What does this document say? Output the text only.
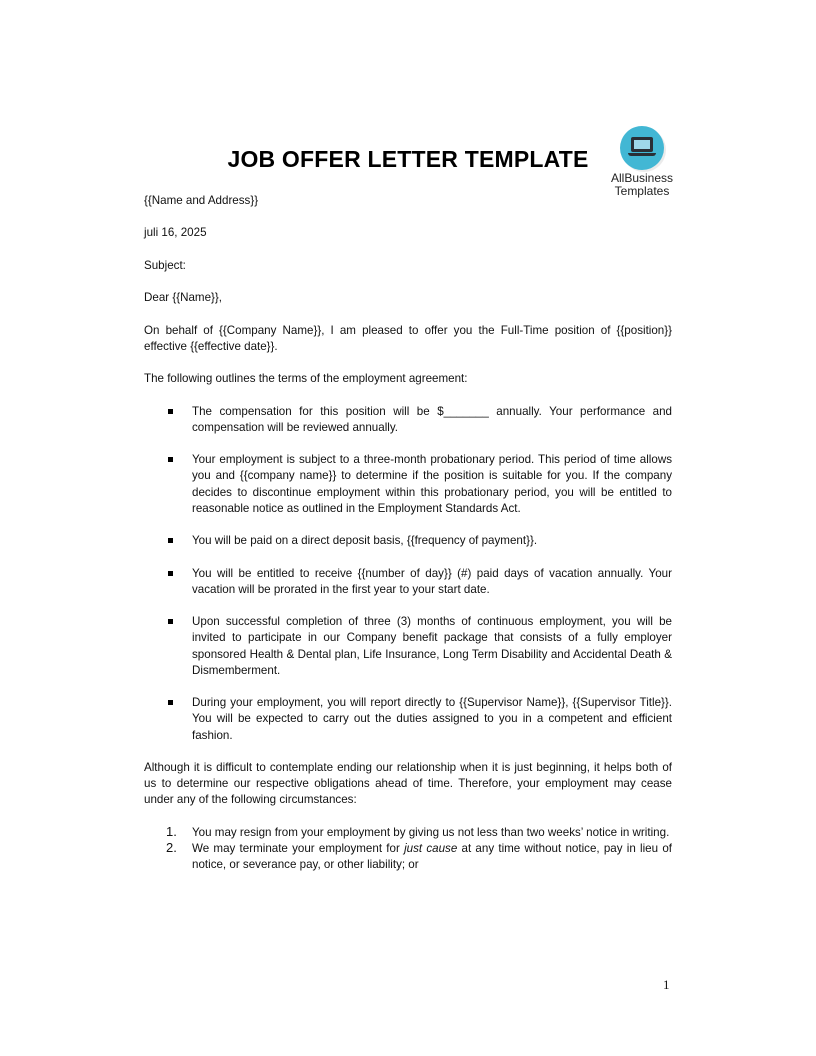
JOB OFFER LETTER TEMPLATE
AllBusiness
Templates

{{Name and Address}}

juli 16, 2025

Subject:

Dear {{Name}},

On behalf of {{Company Name}}, I am pleased to offer you the Full-Time position of {{position}} effective {{effective date}}.

The following outlines the terms of the employment agreement:

The compensation for this position will be $_______ annually. Your performance and compensation will be reviewed annually.
Your employment is subject to a three-month probationary period. This period of time allows you and {{company name}} to determine if the position is suitable for you. If the company decides to discontinue employment within this probationary period, you will be entitled to reasonable notice as outlined in the Employment Standards Act.
You will be paid on a direct deposit basis, {{frequency of payment}}.
You will be entitled to receive {{number of day}} (#) paid days of vacation annually. Your vacation will be prorated in the first year to your start date.
Upon successful completion of three (3) months of continuous employment, you will be invited to participate in our Company benefit package that consists of a fully employer sponsored Health & Dental plan, Life Insurance, Long Term Disability and Accidental Death & Dismemberment.
During your employment, you will report directly to {{Supervisor Name}}, {{Supervisor Title}}. You will be expected to carry out the duties assigned to you in a competent and efficient fashion.

Although it is difficult to contemplate ending our relationship when it is just beginning, it helps both of us to determine our respective obligations ahead of time. Therefore, your employment may cease under any of the following circumstances:

1. You may resign from your employment by giving us not less than two weeks’ notice in writing.
2. We may terminate your employment for just cause at any time without notice, pay in lieu of notice, or severance pay, or other liability; or
1
